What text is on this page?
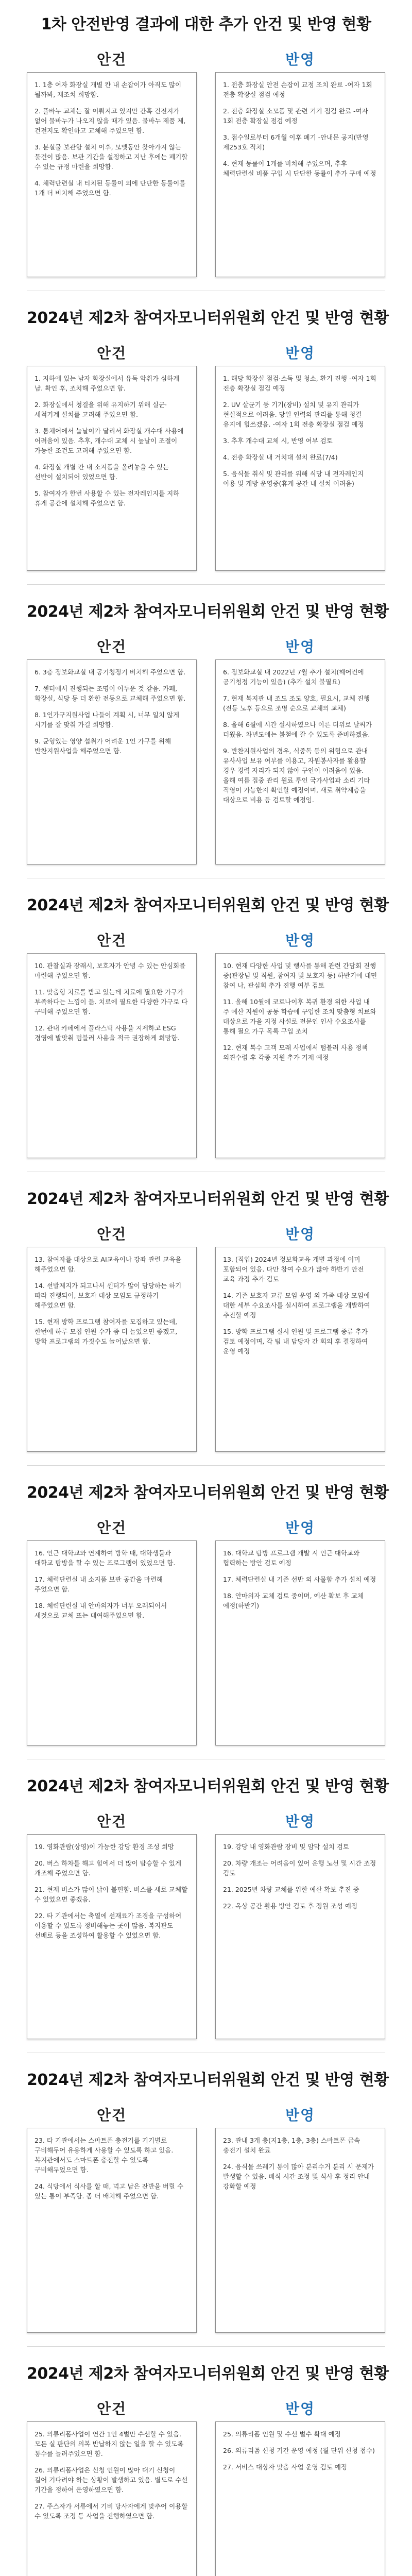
1차 안전반영 결과에 대한 추가 안건 및 반영 현황
안건

1. 1층 여자 화장실 개별 칸 내 손잡이가 아직도 많이 될까봐, 재조치 희망함.

2. 플바누 교체는 잘 이뤄지고 있지만 간혹 건전지가 없어 물바누가 나오지 않을 때가 있음. 물바누 제품 제, 건전지도 확인하고 교체해 주었으면 함.

3. 분실물 보관함 설치 이후, 모엣동안 찾아가지 않는 물건이 많음. 보관 기간을 설정하고 지난 후에는 폐기할 수 있는 규정 마련을 희망함.

4. 체력단련실 내 티치된 동률이 외에 단단한 동률이를 1개 더 비치해 주었으면 함.

반영

1. 전층 화장실 안전 손잡이 교정 조치 완료 -여자 1회 전층 확장실 점검 예정

2. 전층 화장실 소모품 및 관련 기기 점검 완료 -여자 1회 전층 확장실 점검 예정

3. 접수일로부터 6개월 이후 폐기 -안내문 공지(반영 제253호 적치)

4. 현재 동률이 1개를 비치해 주었으며, 추후 체력단련실 비품 구입 시 단단한 동률이 추가 구매 예정

2024년 제2차 참여자모니터위원회 안건 및 반영 현황
안건

1. 지하에 있는 남자 화장실에서 유독 악취가 심하게 남. 확인 후, 조치해 주었으면 함.

2. 화장실에서 청결을 위해 유지하기 위해 실군·세척기계 설치를 고려해 주었으면 함.

3. 툼체어에서 눕날이가 달리서 화장실 개수대 사용에 어려움이 있음. 추후, 개수대 교체 시 높날이 조절이 가능한 조건도 고려해 주었으면 함.

4. 화장실 개별 칸 내 소지품을 올려놓을 수 있는 선반이 설치되어 있었으면 함.

5. 참여자가 한번 사용할 수 있는 전자레인지를 지하 휴게 공간에 설치해 주었으면 함.

반영

1. 해당 화장실 점검·소독 및 청소, 환기 진행 -여자 1회 전층 확장실 점검 예정

2. UV 살균기 등 기기(장비) 설치 및 유지 관리가 현실적으로 어려움. 당일 인력의 관리를 통해 청결 유지에 힘쓰겠음. -여자 1회 전층 확장실 점검 예정

3. 추후 개수대 교체 시, 반영 여부 검토

4. 전층 화장실 내 거치대 설치 완료(7/4)

5. 음식물 취식 및 관리를 위해 식당 내 전자레인지 이용 및 개방 운영중(휴게 공간 내 설치 어려움)

2024년 제2차 참여자모니터위원회 안건 및 반영 현황
안건

6. 3층 정보화교실 내 공기청정기 비치해 주었으면 함.

7. 센터에서 진행되는 조명이 어두운 것 같음. 카페, 화장실, 식당 등 더 환한 전등으로 교체해 주었으면 함.

8. 1인가구지원사업 나들이 계획 시, 너무 일치 않게 시기를 잘 맞춰 가길 희망함.

9. 균형있는 영양 섭취가 어려운 1인 가구를 위해 반찬지원사업을 해주었으면 함.

반영

6. 정보화교실 내 2022년 7월 추가 설치(헤어컨에 공기청정 기능이 있음) (추가 설치 불필요)

7. 현재 복지관 내 조도 조도 양호, 필요시, 교체 진행(전등 노후 등으로 조명 순으로 교체의 교체)

8. 올해 6월에 시간 설시하였으나 이른 더위로 날씨가 더웠음. 차년도에는 봄철에 갈 수 있도록 준비하겠음.

9. 반찬지원사업의 경우, 식중독 등의 위험으로 관내 유사사업 보유 여부를 이용고, 자원봉사자를 활용할 경우 경력 자리가 되지 않아 구인이 어려움이 있음. 올해 여름 집중 관리 원료 투인 국가사업과 소리 기타 직영이 가능한지 확인할 예정이며, 새로 취약계층을 대상으로 비용 등 검토할 예정임.

2024년 제2차 참여자모니터위원회 안건 및 반영 현황
안건

10. 관찰실과 장래시, 보호자가 안녕 수 있는 안심회를 마련해 주었으면 함.

11. 맞춤형 치료를 받고 있는데 치료에 필요한 가구가 부족하다는 느낌이 듦. 치료에 필요한 다양한 가구로 다 구비해 주었으면 함.

12. 관내 카페에서 플라스틱 사용을 지제하고 ESG 경영에 발맞춰 텀블러 사용을 적극 권장하게 희망함.

반영

10. 현재 다양한 사업 및 행사를 통해 관련 간담회 진행 중(관장님 및 직원, 참여자 및 보호자 등) 하반기에 대면 참여 나, 관심회 추가 진행 여부 검토

11. 올해 10월에 코로나이후 복귀 환경 위한 사업 내 주 예산 지원이 공동 학습에 구입한 조치 맞춤형 치료와 대상으로 가을 지정 사설로 전문인 인사 수요조사를 통해 필요 가구 목록 구입 조치

12. 현재 복수 고객 모래 사업에서 텀블러 사용 정책 의견수렴 후 각종 지원 추가 기재 예정

2024년 제2차 참여자모니터위원회 안건 및 반영 현황
안건

13. 참여자를 대상으로 AI교육이나 강좌 관련 교육을 해주었으면 함.

14. 선발제지가 되고나서 센터가 많이 담당하는 하기 따라 진행되어, 보호자 대상 모임도 규정하기 해주었으면 함.

15. 현재 방학 프로그램 참여자를 모집하고 있는데, 한번에 하루 모집 인원 수가 좀 더 늘었으면 좋겠고, 방학 프로그램의 가짓수도 늘어났으면 함.

반영

13. (직업) 2024년 정보화교육 개별 과정에 이미 포함되어 있음. 다만 참여 수요가 많아 하반기 안전 교육 과정 추가 검토

14. 기존 보호자 교류 모임 운영 외 가족 대상 모임에 대한 세부 수요조사를 실시하여 프로그램을 개발하여 추진할 예정

15. 방학 프로그램 실시 인원 및 프로그램 종류 추가 검토 예정이며, 각 팀 내 담당자 간 회의 후 결정하여 운영 예정

2024년 제2차 참여자모니터위원회 안건 및 반영 현황
안건

16. 인근 대학교와 연계하여 방학 때, 대학생들과 대학교 탐방을 할 수 있는 프로그램이 있었으면 함.

17. 체력단련실 내 소지품 보관 공간을 마련해 주었으면 함.

18. 체력단련실 내 안마의자가 너무 오래되어서 새것으로 교체 또는 대여해주었으면 함.

반영

16. 대학교 탐방 프로그램 개발 시 인근 대학교와 협력하는 방안 검토 예정

17. 체력단련실 내 기존 선반 외 사물함 추가 설치 예정

18. 안마의자 교체 검토 중이며, 예산 확보 후 교체 예정(하반기)

2024년 제2차 참여자모니터위원회 안건 및 반영 현황
안건

19. 영화관람(상영)이 가능한 강당 환경 조성 희망

20. 버스 하차를 해고 힘에서 더 많이 탑승할 수 있게 개조해 주었으면 함.

21. 현재 버스가 많이 낡아 불편함. 버스를 새로 교체할 수 있었으면 좋겠음.

22. 타 기관에서는 축열에 선재료가 조경을 구성하여 이용할 수 있도록 정비해놓는 곳이 많음. 복지관도 선배로 등을 조성하여 활용할 수 있었으면 함.

반영

19. 강당 내 영화관람 장비 및 암막 설치 검토

20. 차량 개조는 어려움이 있어 운행 노선 및 시간 조정 검토

21. 2025년 차량 교체를 위한 예산 확보 추진 중

22. 옥상 공간 활용 방안 검토 후 정원 조성 예정

2024년 제2차 참여자모니터위원회 안건 및 반영 현황
안건

23. 타 기관에서는 스마트폰 충전기를 기기별로 구비해두어 유용하게 사용할 수 있도록 하고 있음. 복지관에서도 스마트폰 충전할 수 있도록 구비해두었으면 함.

24. 식당에서 식사를 할 때, 먹고 남은 잔반을 버릴 수 있는 통이 부족함. 좀 더 배치해 주었으면 함.

반영

23. 관내 3개 층(지1층, 1층, 3층) 스마트폰 급속 충전기 설치 완료

24. 음식물 쓰레기 통이 많아 분리수거 분리 시 문제가 발생할 수 있음. 배식 시간 조정 및 식사 후 정리 안내 강화할 예정

2024년 제2차 참여자모니터위원회 안건 및 반영 현황
안건

25. 의류리폼사업이 연간 1인 4벌만 수선할 수 있음. 모든 실 판단의 의복 반납하지 않는 일을 할 수 있도록 통수를 늘려주었으면 함.

26. 의류리폼사업은 신청 인원이 많아 대기 신청이 길어 기다려야 하는 상황이 발생하고 있음. 별도로 수선 기간을 정하여 운영하였으면 함.

27. 주스자가 서류에서 기비 당사자에게 맞추어 이용할 수 있도록 조정 등 사업을 진행하였으면 함.

반영

25. 의류리폼 인원 및 수선 벌수 확대 예정

26. 의류리폼 신청 기간 운영 예정 (월 단위 신청 접수)

27. 서비스 대상자 맞춤 사업 운영 검토 예정
